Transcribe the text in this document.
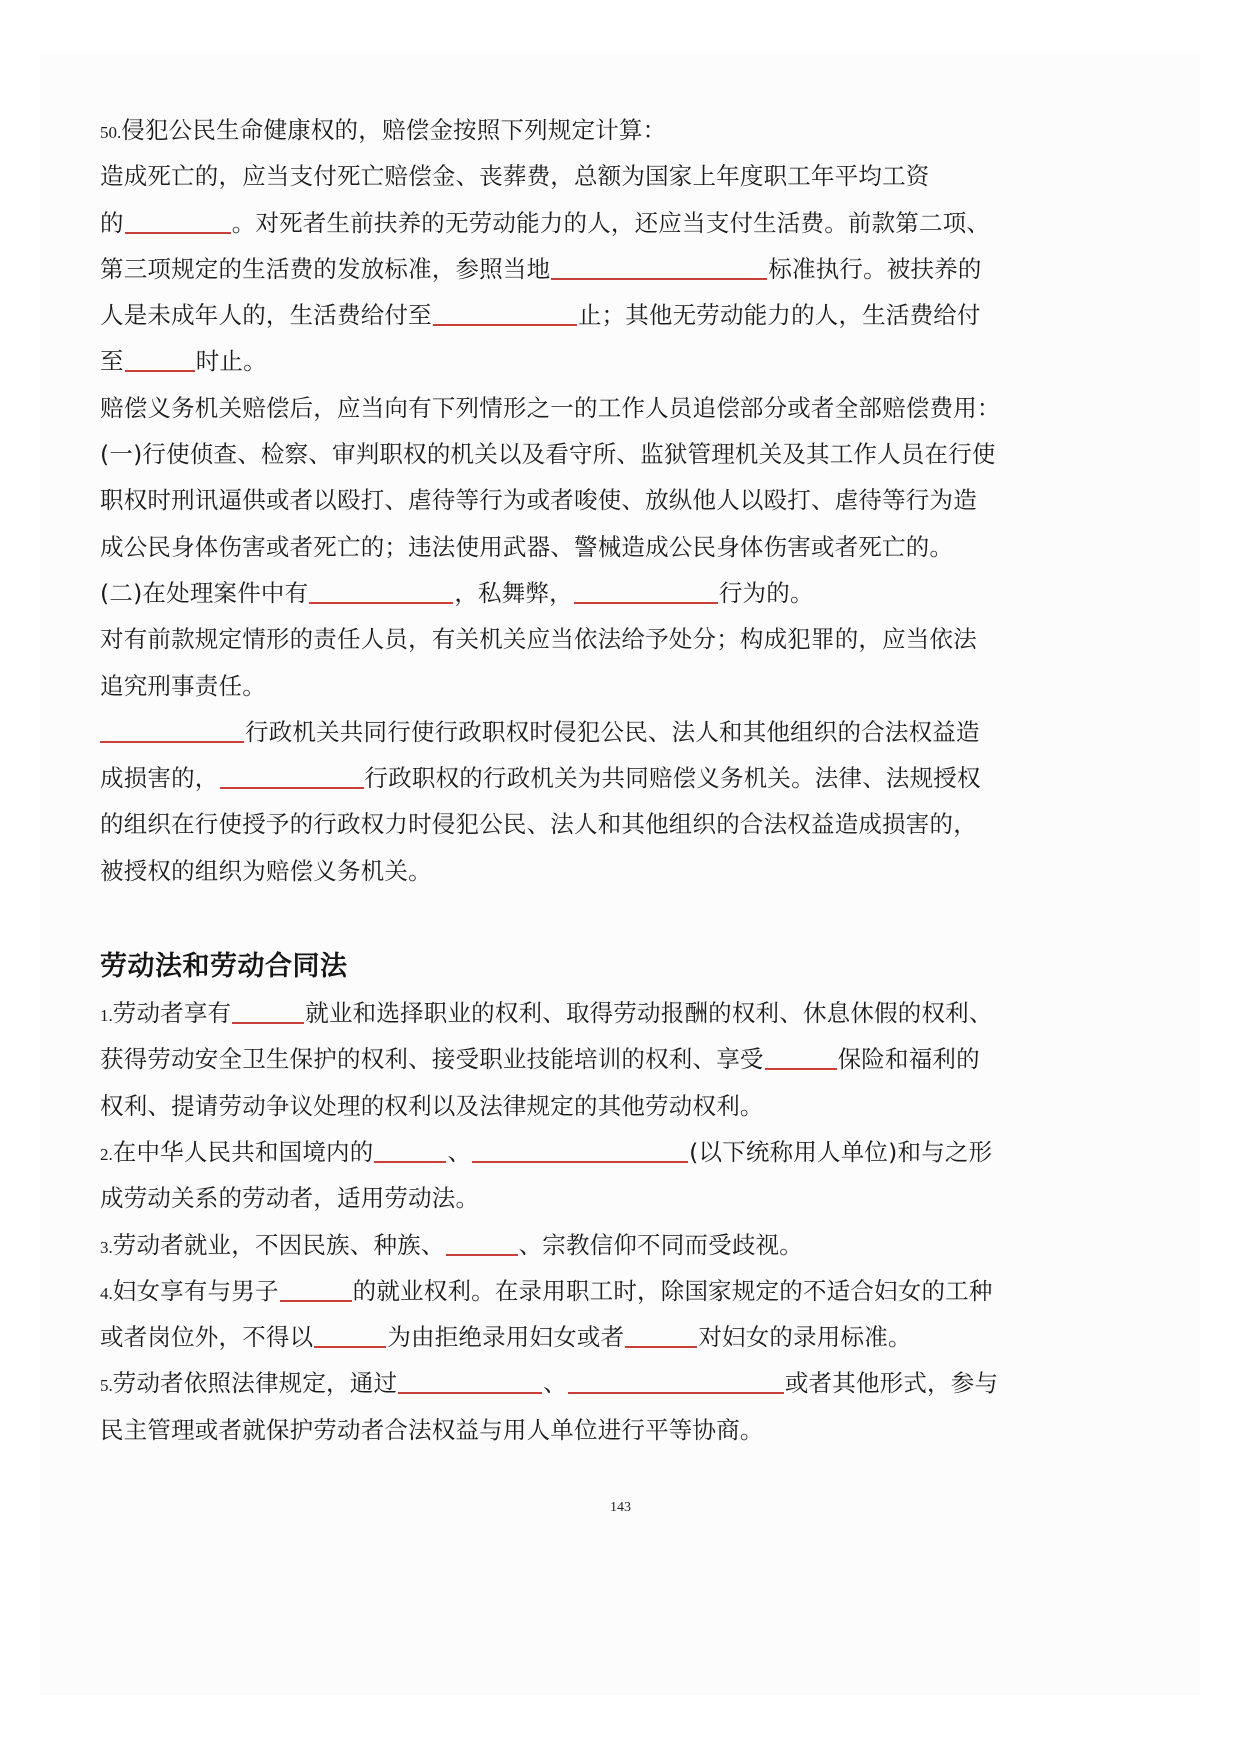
50.侵犯公民生命健康权的，赔偿金按照下列规定计算：
造成死亡的，应当支付死亡赔偿金、丧葬费，总额为国家上年度职工年平均工资
的	。对死者生前扶养的无劳动能力的人，还应当支付生活费。前款第二项、
第三项规定的生活费的发放标准，参照当地	标准执行。被扶养的
人是未成年人的，生活费给付至	止；其他无劳动能力的人，生活费给付
至	时止。
赔偿义务机关赔偿后，应当向有下列情形之一的工作人员追偿部分或者全部赔偿费用：
(一)行使侦查、检察、审判职权的机关以及看守所、监狱管理机关及其工作人员在行使
职权时刑讯逼供或者以殴打、虐待等行为或者唆使、放纵他人以殴打、虐待等行为造
成公民身体伤害或者死亡的；违法使用武器、警械造成公民身体伤害或者死亡的。
(二)在处理案件中有	，私舞弊，	行为的。
对有前款规定情形的责任人员，有关机关应当依法给予处分；构成犯罪的，应当依法
追究刑事责任。
行政机关共同行使行政职权时侵犯公民、法人和其他组织的合法权益造
成损害的，	行政职权的行政机关为共同赔偿义务机关。法律、法规授权
的组织在行使授予的行政权力时侵犯公民、法人和其他组织的合法权益造成损害的，
被授权的组织为赔偿义务机关。
劳动法和劳动合同法
1.劳动者享有	就业和选择职业的权利、取得劳动报酬的权利、休息休假的权利、
获得劳动安全卫生保护的权利、接受职业技能培训的权利、享受	保险和福利的
权利、提请劳动争议处理的权利以及法律规定的其他劳动权利。
2.在中华人民共和国境内的	、	(以下统称用人单位)和与之形
成劳动关系的劳动者，适用劳动法。
3.劳动者就业，不因民族、种族、	、宗教信仰不同而受歧视。
4.妇女享有与男子	的就业权利。在录用职工时，除国家规定的不适合妇女的工种
或者岗位外，不得以	为由拒绝录用妇女或者	对妇女的录用标准。
5.劳动者依照法律规定，通过	、	或者其他形式，参与
民主管理或者就保护劳动者合法权益与用人单位进行平等协商。
143
